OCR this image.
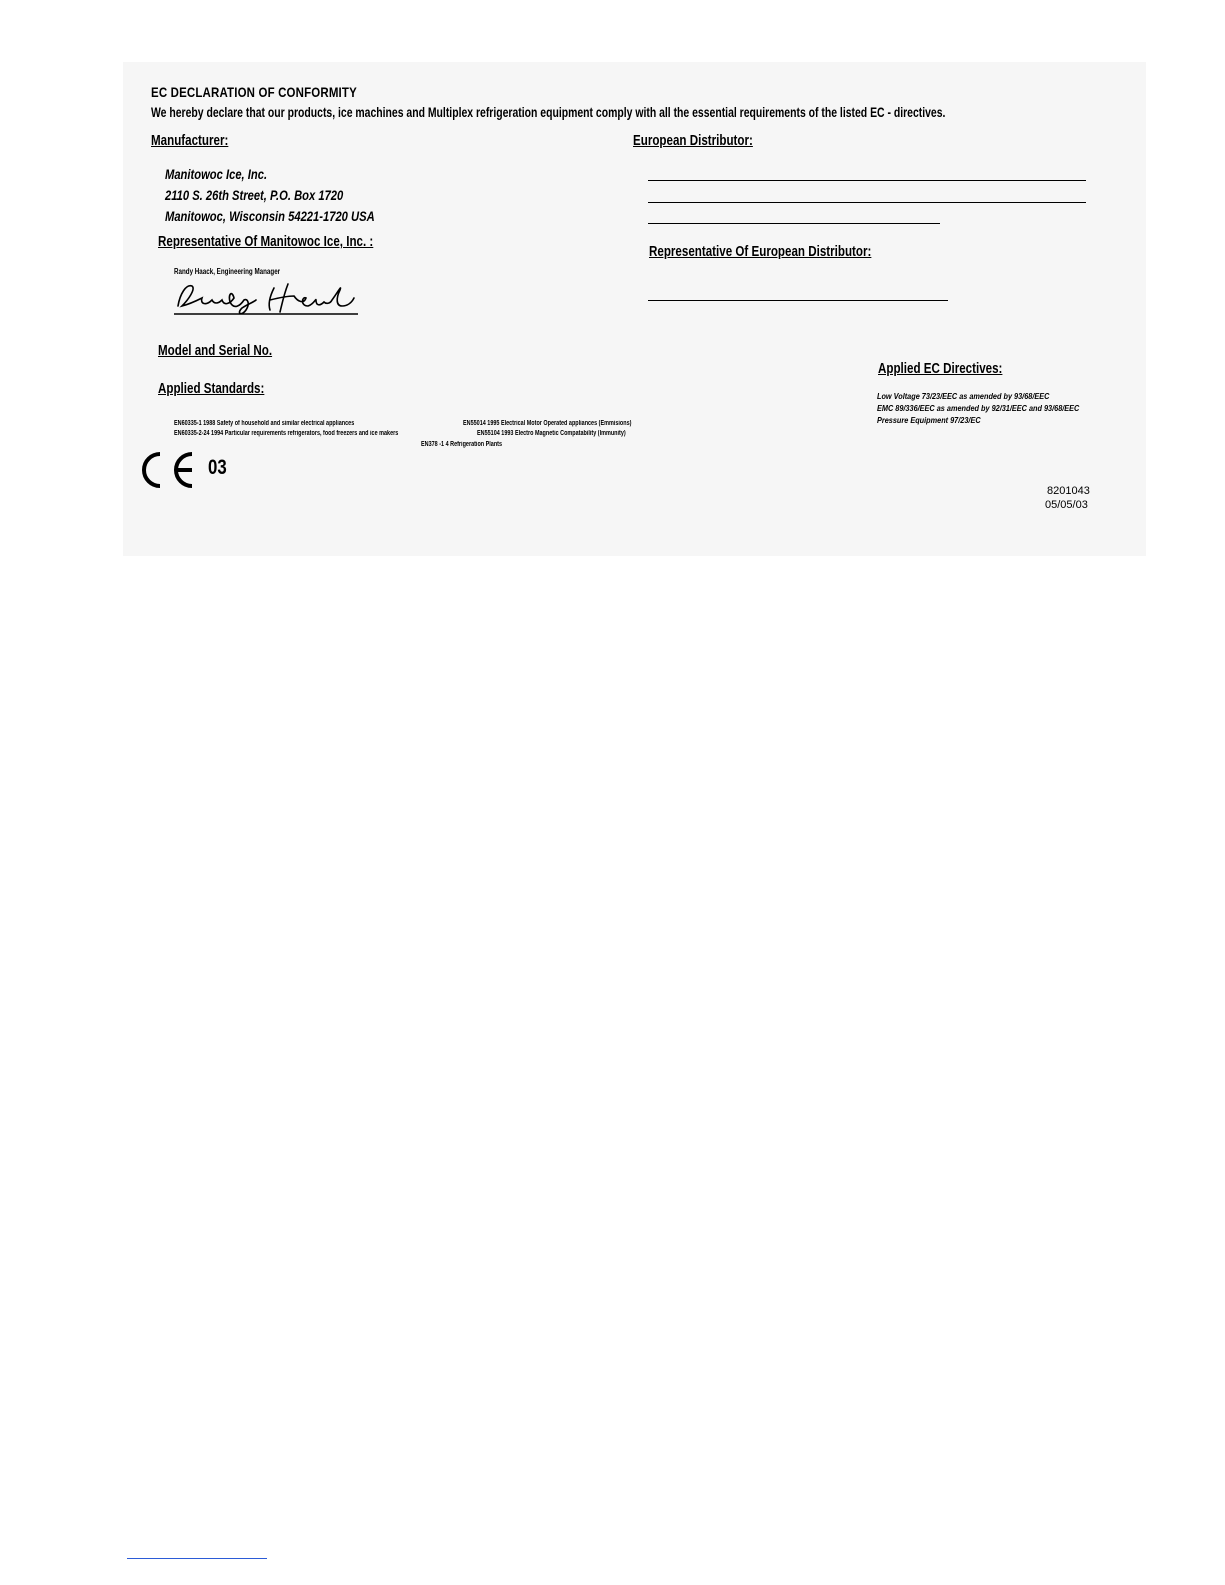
EC DECLARATION OF CONFORMITY
We hereby declare that our products, ice machines and Multiplex refrigeration equipment comply with all the essential requirements of the listed EC - directives.
Manufacturer:
Manitowoc Ice, Inc.
2110 S. 26th Street, P.O. Box 1720
Manitowoc, Wisconsin 54221-1720 USA
Representative Of Manitowoc Ice, Inc. :
Randy Haack, Engineering Manager
Model and Serial No.
Applied Standards:
EN60335-1 1988 Safety of household and similar electrical appliances
EN60335-2-24 1994 Particular requirements refrigerators, food freezers and ice makers
EN55014 1995 Electrical Motor Operated appliances (Emmisions)
EN55104 1993 Electro Magnetic Compatability (Immunity)
EN378 -1 4 Refrigeration Plants
03
European Distributor:
Representative Of European Distributor:
Applied EC Directives:
Low Voltage 73/23/EEC as amended by 93/68/EEC
EMC 89/336/EEC as amended by 92/31/EEC and 93/68/EEC
Pressure Equipment 97/23/EC
8201043
05/05/03
